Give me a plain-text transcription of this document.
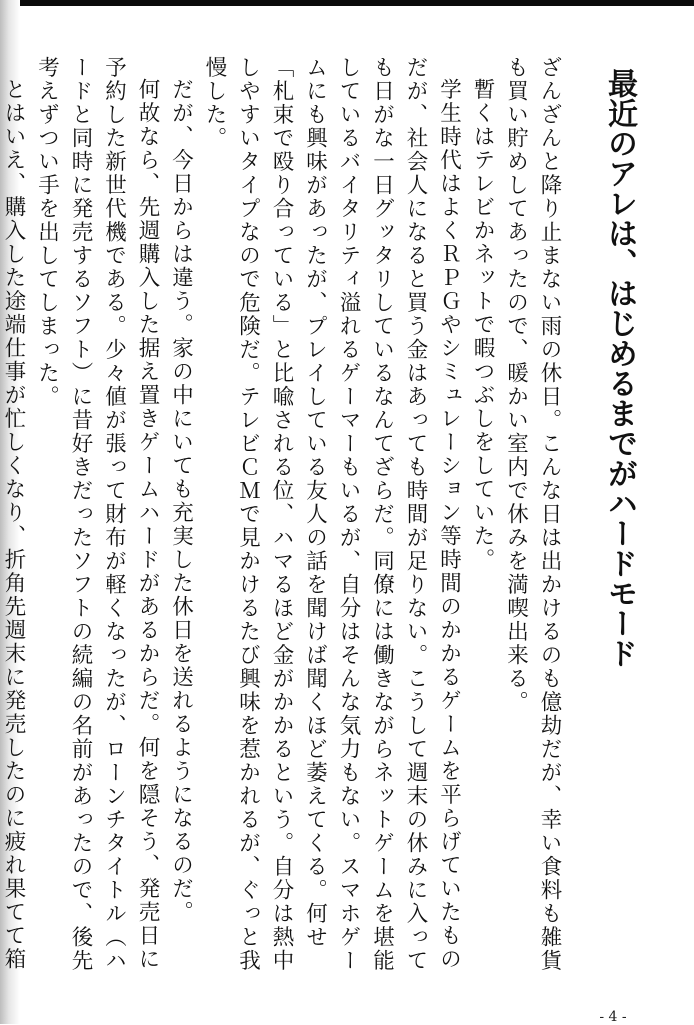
最近のアレは、はじめるまでがハードモード

ざんざんと降り止まない雨の休日。こんな日は出かけるのも億劫だが、幸い食料も雑貨も買い貯めしてあったので、暖かい室内で休みを満喫出来る。

暫くはテレビかネットで暇つぶしをしていた。

学生時代はよくＲＰＧやシミュレーション等時間のかかるゲームを平らげていたものだが、社会人になると買う金はあっても時間が足りない。こうして週末の休みに入っても日がな一日グッタリしているなんてざらだ。同僚には働きながらネットゲームを堪能しているバイタリティ溢れるゲーマーもいるが、自分はそんな気力もない。スマホゲームにも興味があったが、プレイしている友人の話を聞けば聞くほど萎えてくる。何せ「札束で殴り合っている」と比喩される位、ハマるほど金がかかるという。自分は熱中しやすいタイプなので危険だ。テレビＣＭで見かけるたび興味を惹かれるが、ぐっと我慢した。

だが、今日からは違う。家の中にいても充実した休日を送れるようになるのだ。

何故なら、先週購入した据え置きゲームハードがあるからだ。何を隠そう、発売日に予約した新世代機である。少々値が張って財布が軽くなったが、ローンチタイトル（ハードと同時に発売するソフト）に昔好きだったソフトの続編の名前があったので、後先考えずつい手を出してしまった。

とはいえ、購入した途端仕事が忙しくなり、折角先週末に発売したのに疲れ果てて箱

- 4 -
